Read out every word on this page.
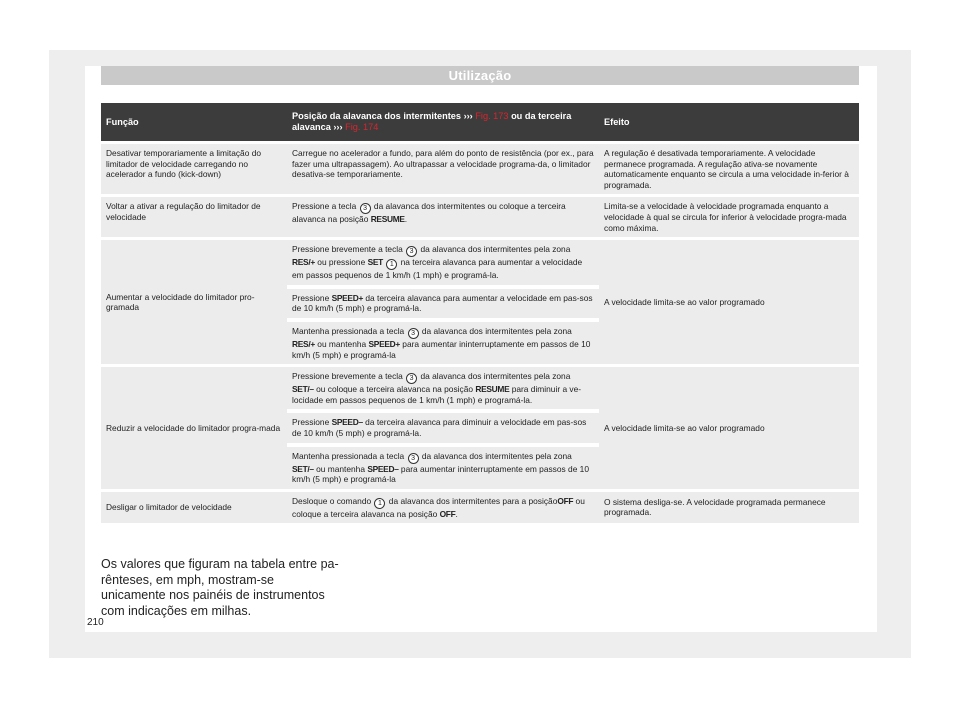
Utilização
Função	Posição da alavanca dos intermitentes ››› Fig. 173 ou da terceira alavanca ››› Fig. 174	Efeito
Desativar temporariamente a limitação do limitador de velocidade carregando no acelerador a fundo (kick-down)	Carregue no acelerador a fundo, para além do ponto de resistência (por ex., para fazer uma ultrapassagem). Ao ultrapassar a velocidade programa-da, o limitador desativa-se temporariamente.	A regulação é desativada temporariamente. A velocidade permanece programada. A regulação ativa-se novamente automaticamente enquanto se circula a uma velocidade in-ferior à programada.
Voltar a ativar a regulação do limitador de velocidade	Pressione a tecla 3 da alavanca dos intermitentes ou coloque a terceira alavanca na posição RESUME.	Limita-se a velocidade à velocidade programada enquanto a velocidade à qual se circula for inferior à velocidade progra-mada como máxima.
Aumentar a velocidade do limitador pro-gramada	Pressione brevemente a tecla 3 da alavanca dos intermitentes pela zona RES/+ ou pressione SET 1 na terceira alavanca para aumentar a velocidade em passos pequenos de 1 km/h (1 mph) e programá-la.	A velocidade limita-se ao valor programado
	Pressione SPEED+ da terceira alavanca para aumentar a velocidade em pas-sos de 10 km/h (5 mph) e programá-la.	
	Mantenha pressionada a tecla 3 da alavanca dos intermitentes pela zona RES/+ ou mantenha SPEED+ para aumentar ininterruptamente em passos de 10 km/h (5 mph) e programá-la	
Reduzir a velocidade do limitador progra-mada	Pressione brevemente a tecla 3 da alavanca dos intermitentes pela zona SET/– ou coloque a terceira alavanca na posição RESUME para diminuir a ve-locidade em passos pequenos de 1 km/h (1 mph) e programá-la.	A velocidade limita-se ao valor programado
	Pressione SPEED– da terceira alavanca para diminuir a velocidade em pas-sos de 10 km/h (5 mph) e programá-la.	
	Mantenha pressionada a tecla 3 da alavanca dos intermitentes pela zona SET/– ou mantenha SPEED– para aumentar ininterruptamente em passos de 10 km/h (5 mph) e programá-la	
Desligar o limitador de velocidade	Desloque o comando 1 da alavanca dos intermitentes para a posiçãoOFF ou coloque a terceira alavanca na posição OFF.	O sistema desliga-se. A velocidade programada permanece programada.
Os valores que figuram na tabela entre pa-rênteses, em mph, mostram-se unicamente nos painéis de instrumentos com indicações em milhas.
210
